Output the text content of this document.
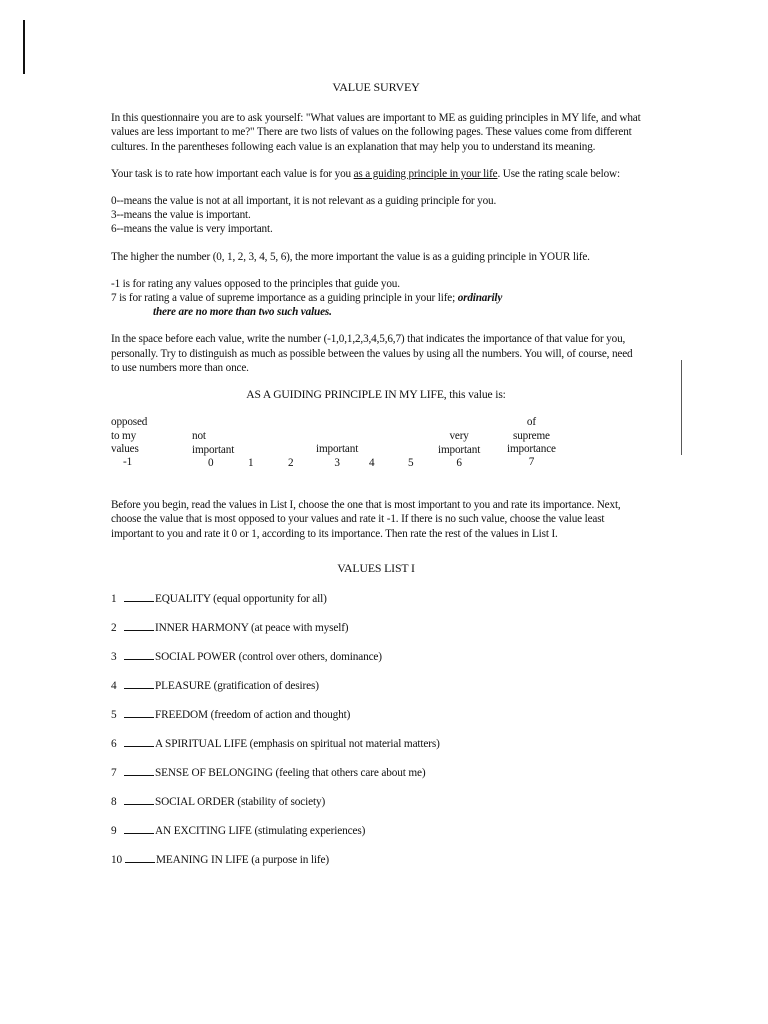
VALUE SURVEY

In this questionnaire you are to ask yourself: "What values are important to ME as guiding principles in MY life, and what values are less important to me?" There are two lists of values on the following pages. These values come from different cultures. In the parentheses following each value is an explanation that may help you to understand its meaning.

Your task is to rate how important each value is for you as a guiding principle in your life. Use the rating scale below:

0--means the value is not at all important, it is not relevant as a guiding principle for you.
3--means the value is important.
6--means the value is very important.

The higher the number (0, 1, 2, 3, 4, 5, 6), the more important the value is as a guiding principle in YOUR life.

-1 is for rating any values opposed to the principles that guide you.
7 is for rating a value of supreme importance as a guiding principle in your life; ordinarily
there are no more than two such values.

In the space before each value, write the number (-1,0,1,2,3,4,5,6,7) that indicates the importance of that value for you, personally. Try to distinguish as much as possible between the values by using all the numbers. You will, of course, need to use numbers more than once.

AS A GUIDING PRINCIPLE IN MY LIFE, this value is:
opposed
to my
values
-1
not
important
0	1	2
important
3	4	5
very
important
6
of
supreme
importance
7

Before you begin, read the values in List I, choose the one that is most important to you and rate its importance. Next, choose the value that is most opposed to your values and rate it -1. If there is no such value, choose the value least important to you and rate it 0 or 1, according to its importance. Then rate the rest of the values in List I.

VALUES LIST I
1	EQUALITY (equal opportunity for all)
2	INNER HARMONY (at peace with myself)
3	SOCIAL POWER (control over others, dominance)
4	PLEASURE (gratification of desires)
5	FREEDOM (freedom of action and thought)
6	A SPIRITUAL LIFE (emphasis on spiritual not material matters)
7	SENSE OF BELONGING (feeling that others care about me)
8	SOCIAL ORDER (stability of society)
9	AN EXCITING LIFE (stimulating experiences)
10	MEANING IN LIFE (a purpose in life)
